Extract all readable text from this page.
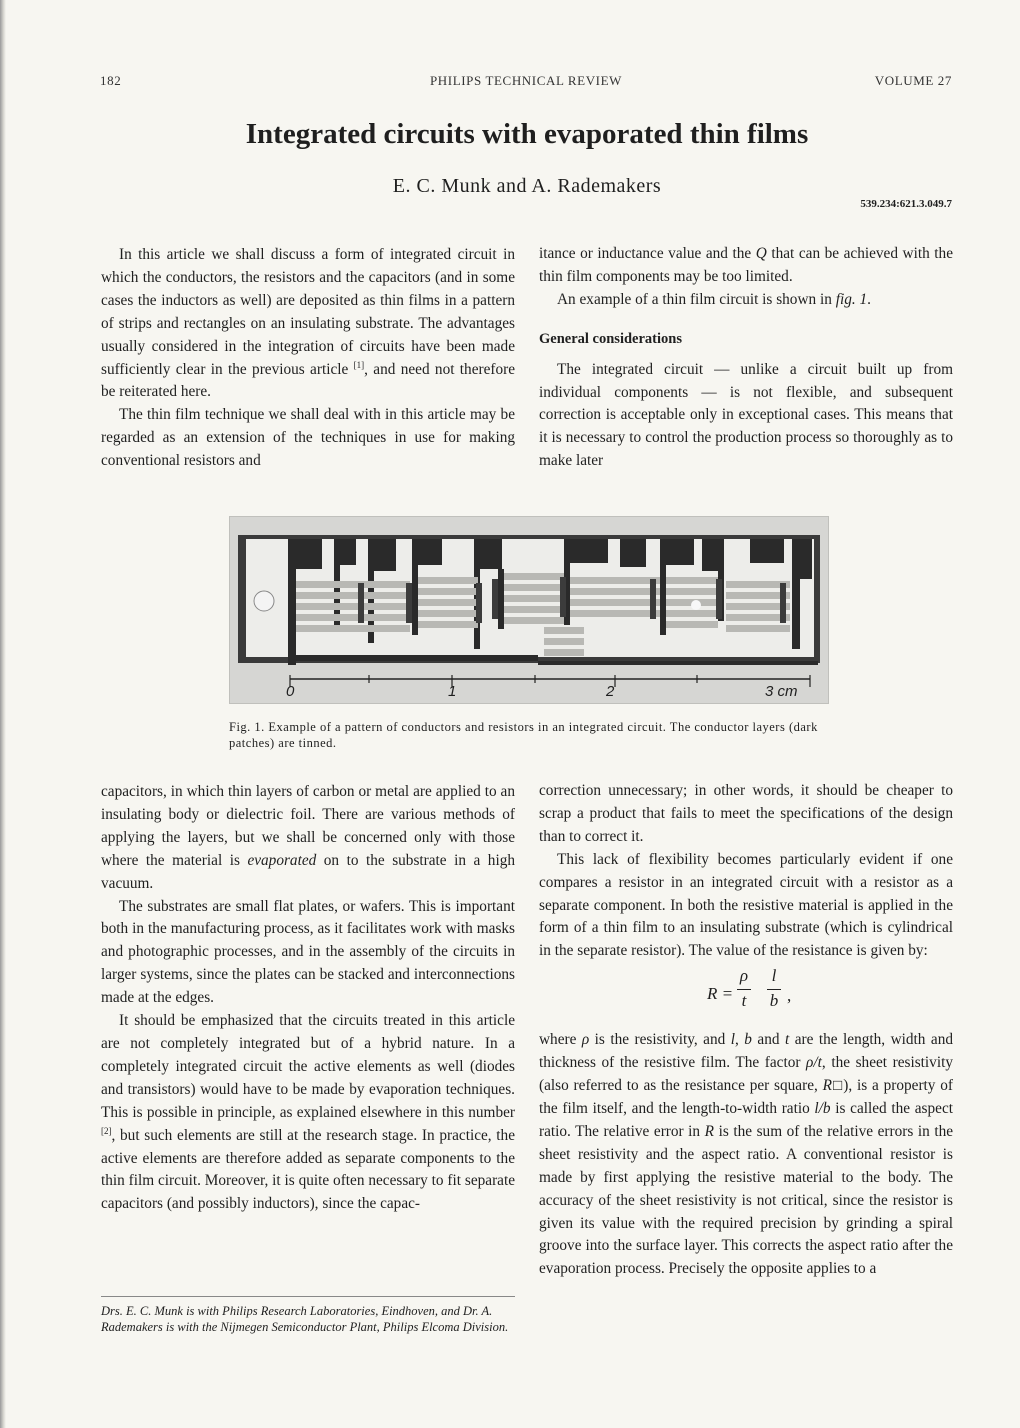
PHILIPS TECHNICAL REVIEW
182	VOLUME 27
Integrated circuits with evaporated thin films
E. C. Munk and A. Rademakers
539.234:621.3.049.7

In this article we shall discuss a form of integrated circuit in which the conductors, the resistors and the capacitors (and in some cases the inductors as well) are deposited as thin films in a pattern of strips and rectangles on an insulating substrate. The advantages usually considered in the integration of circuits have been made sufficiently clear in the previous article [1], and need not therefore be reiterated here.

The thin film technique we shall deal with in this article may be regarded as an extension of the techniques in use for making conventional resistors and

itance or inductance value and the Q that can be achieved with the thin film components may be too limited.

An example of a thin film circuit is shown in fig. 1.

General considerations

The integrated circuit — unlike a circuit built up from individual components — is not flexible, and subsequent correction is acceptable only in exceptional cases. This means that it is necessary to control the production process so thoroughly as to make later

0	1	2	3 cm
Fig. 1. Example of a pattern of conductors and resistors in an integrated circuit. The conductor layers (dark patches) are tinned.

capacitors, in which thin layers of carbon or metal are applied to an insulating body or dielectric foil. There are various methods of applying the layers, but we shall be concerned only with those where the material is evaporated on to the substrate in a high vacuum.

The substrates are small flat plates, or wafers. This is important both in the manufacturing process, as it facilitates work with masks and photographic processes, and in the assembly of the circuits in larger systems, since the plates can be stacked and interconnections made at the edges.

It should be emphasized that the circuits treated in this article are not completely integrated but of a hybrid nature. In a completely integrated circuit the active elements as well (diodes and transistors) would have to be made by evaporation techniques. This is possible in principle, as explained elsewhere in this number [2], but such elements are still at the research stage. In practice, the active elements are therefore added as separate components to the thin film circuit. Moreover, it is quite often necessary to fit separate capacitors (and possibly inductors), since the capac-

correction unnecessary; in other words, it should be cheaper to scrap a product that fails to meet the specifications of the design than to correct it.

This lack of flexibility becomes particularly evident if one compares a resistor in an integrated circuit with a resistor as a separate component. In both the resistive material is applied in the form of a thin film to an insulating substrate (which is cylindrical in the separate resistor). The value of the resistance is given by:

$R = \frac{\rho}{t} \frac{l}{b}$ ,

where ρ is the resistivity, and l, b and t are the length, width and thickness of the resistive film. The factor ρ/t, the sheet resistivity (also referred to as the resistance per square, R□), is a property of the film itself, and the length-to-width ratio l/b is called the aspect ratio. The relative error in R is the sum of the relative errors in the sheet resistivity and the aspect ratio. A conventional resistor is made by first applying the resistive material to the body. The accuracy of the sheet resistivity is not critical, since the resistor is given its value with the required precision by grinding a spiral groove into the surface layer. This corrects the aspect ratio after the evaporation process. Precisely the opposite applies to a

Drs. E. C. Munk is with Philips Research Laboratories, Eindhoven, and Dr. A. Rademakers is with the Nijmegen Semiconductor Plant, Philips Elcoma Division.
